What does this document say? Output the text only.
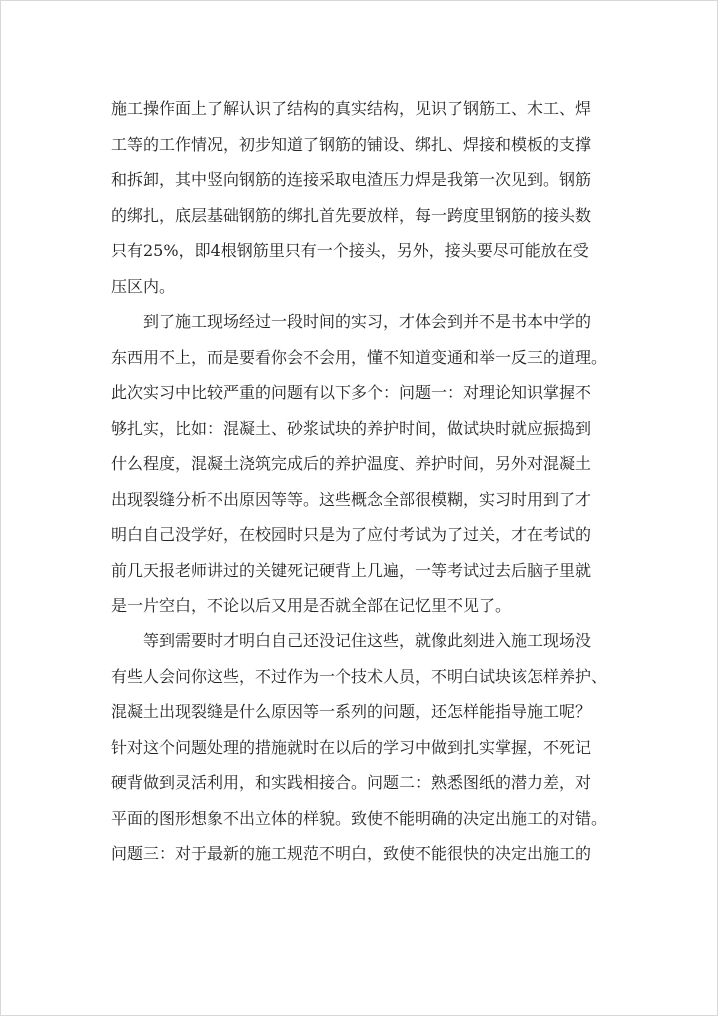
施工操作面上了解认识了结构的真实结构，见识了钢筋工、木工、焊
工等的工作情况，初步知道了钢筋的铺设、绑扎、焊接和模板的支撑
和拆卸，其中竖向钢筋的连接采取电渣压力焊是我第一次见到。钢筋
的绑扎，底层基础钢筋的绑扎首先要放样，每一跨度里钢筋的接头数
只有25%，即4根钢筋里只有一个接头，另外，接头要尽可能放在受
压区内。
到了施工现场经过一段时间的实习，才体会到并不是书本中学的
东西用不上，而是要看你会不会用，懂不知道变通和举一反三的道理。
此次实习中比较严重的问题有以下多个：问题一：对理论知识掌握不
够扎实，比如：混凝土、砂浆试块的养护时间，做试块时就应振捣到
什么程度，混凝土浇筑完成后的养护温度、养护时间，另外对混凝土
出现裂缝分析不出原因等等。这些概念全部很模糊，实习时用到了才
明白自己没学好，在校园时只是为了应付考试为了过关，才在考试的
前几天报老师讲过的关键死记硬背上几遍，一等考试过去后脑子里就
是一片空白，不论以后又用是否就全部在记忆里不见了。
等到需要时才明白自己还没记住这些，就像此刻进入施工现场没
有些人会问你这些，不过作为一个技术人员，不明白试块该怎样养护、
混凝土出现裂缝是什么原因等一系列的问题，还怎样能指导施工呢？
针对这个问题处理的措施就时在以后的学习中做到扎实掌握，不死记
硬背做到灵活利用，和实践相接合。问题二：熟悉图纸的潜力差，对
平面的图形想象不出立体的样貌。致使不能明确的决定出施工的对错。
问题三：对于最新的施工规范不明白，致使不能很快的决定出施工的
